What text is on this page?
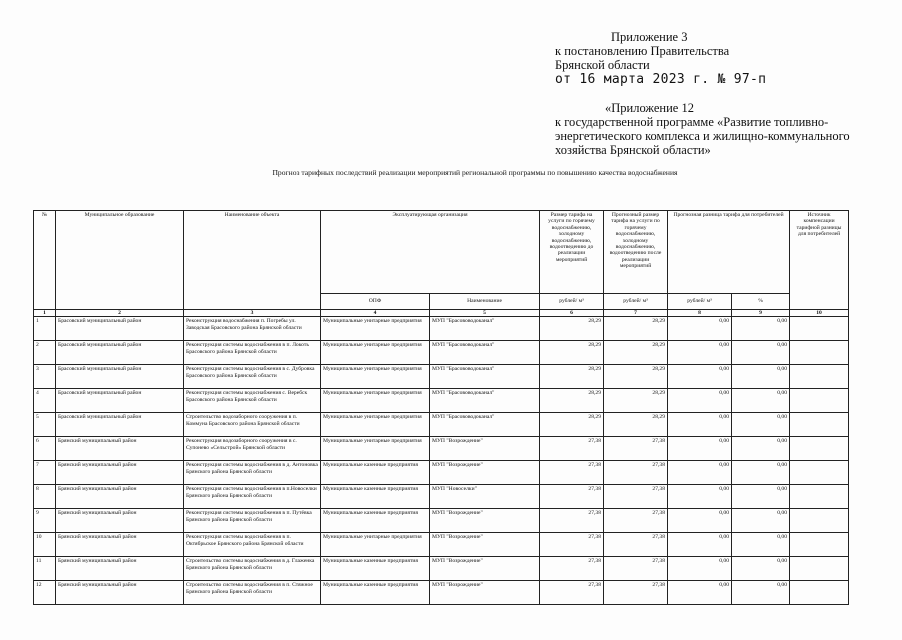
Приложение 3
к постановлению Правительства
Брянской области
от 16 марта 2023 г. № 97-п
«Приложение 12
к государственной программе «Развитие топливно-
энергетического комплекса и жилищно-коммунального
хозяйства Брянской области»
Прогноз тарифных последствий реализации мероприятий региональной программы по повышению качества водоснабжения
№	Муниципальное образование	Наименование объекта	Эксплуатирующая организация		Размер тарифа на услуги по горячему водоснабжению, холодному водоснабжению, водоотведению до реализации мероприятий	Прогнозный размер тарифа на услуги по горячему водоснабжению, холодному водоснабжению, водоотведению после реализации мероприятий	Прогнозная разница тарифа для потребителей		Источник компенсации тарифной разницы для потребителей
			ОПФ	Наименование	рублей/ м³	рублей/ м³	рублей/ м³	%	
1	2	3	4	5	6	7	8	9	10
1	Брасовский муниципальный район	Реконструкция водоснабжения п. Погребы ул. Заводская Брасовского района Брянской области	Муниципальные унитарные предприятия	МУП "Брасововодоканал"	28,29	28,29	0,00	0,00	
2	Брасовский муниципальный район	Реконструкция системы водоснабжения в п. Локоть Брасовского района Брянской области	Муниципальные унитарные предприятия	МУП "Брасововодоканал"	28,29	28,29	0,00	0,00	
3	Брасовский муниципальный район	Реконструкция системы водоснабжения в с. Дубровка Брасовского района Брянской области	Муниципальные унитарные предприятия	МУП "Брасововодоканал"	28,29	28,29	0,00	0,00	
4	Брасовский муниципальный район	Реконструкция системы водоснабжения с. Веребск Брасовского района Брянской области	Муниципальные унитарные предприятия	МУП "Брасововодоканал"	28,29	28,29	0,00	0,00	
5	Брасовский муниципальный район	Строительство водозаборного сооружения в п. Коммуна Брасовского района Брянской области	Муниципальные унитарные предприятия	МУП "Брасововодоканал"	28,29	28,29	0,00	0,00	
6	Брянский муниципальный район	Реконструкция водозаборного сооружения в с. Супонево «Сельстрой» Брянской области	Муниципальные унитарные предприятия	МУП "Возрождение"	27,38	27,38	0,00	0,00	
7	Брянский муниципальный район	Реконструкция системы водоснабжения в д. Антоновка Брянского района Брянской области	Муниципальные казенные предприятия	МУП "Возрождение"	27,38	27,38	0,00	0,00	
8	Брянский муниципальный район	Реконструкция системы водоснабжения в п.Новоселки Брянского района Брянской области	Муниципальные казенные предприятия	МУП "Новоселки"	27,38	27,38	0,00	0,00	
9	Брянский муниципальный район	Реконструкция системы водоснабжения в п. Путёвка Брянского района Брянской области	Муниципальные казенные предприятия	МУП "Возрождение"	27,38	27,38	0,00	0,00	
10	Брянский муниципальный район	Реконструкция системы водоснабжения в п. Октябрьское Брянского района Брянской области	Муниципальные унитарные предприятия	МУП "Возрождение"	27,38	27,38	0,00	0,00	
11	Брянский муниципальный район	Строительство системы водоснабжения в д. Глаженка Брянского района Брянской области	Муниципальные казенные предприятия	МУП "Возрождение"	27,38	27,38	0,00	0,00	
12	Брянский муниципальный район	Строительство системы водоснабжения в п. Стяжное Брянского района Брянской области	Муниципальные казенные предприятия	МУП "Возрождение"	27,38	27,38	0,00	0,00	
